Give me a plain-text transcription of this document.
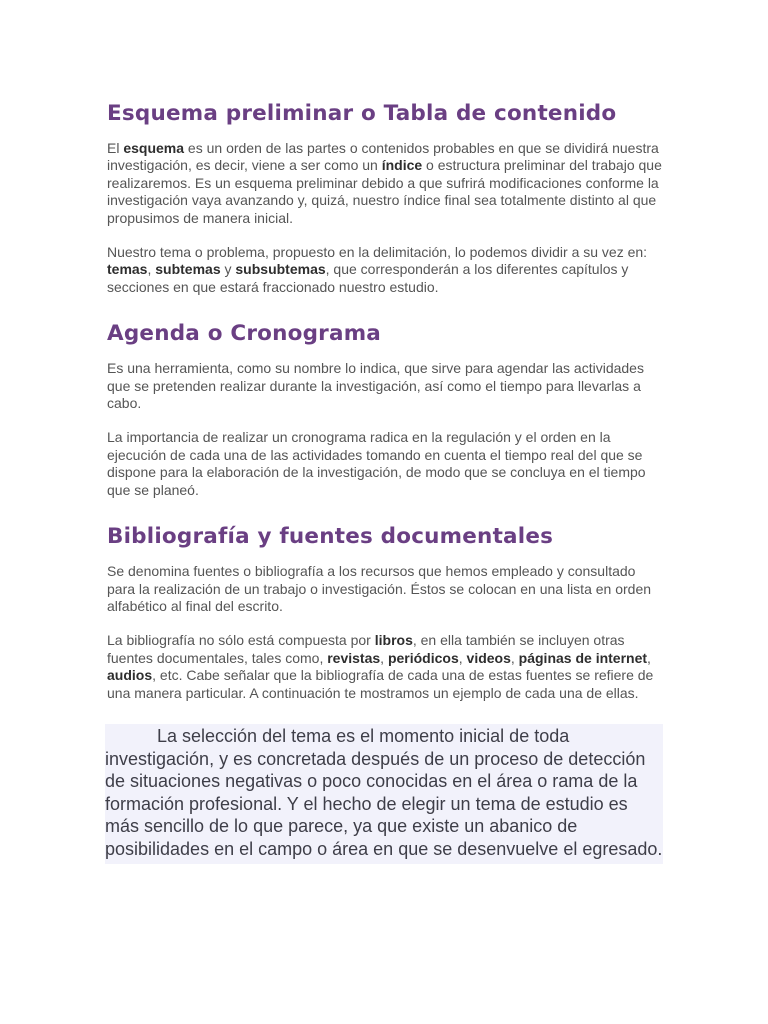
Esquema preliminar o Tabla de contenido

El esquema es un orden de las partes o contenidos probables en que se dividirá nuestra investigación, es decir, viene a ser como un índice o estructura preliminar del trabajo que realizaremos. Es un esquema preliminar debido a que sufrirá modificaciones conforme la investigación vaya avanzando y, quizá, nuestro índice final sea totalmente distinto al que propusimos de manera inicial.

Nuestro tema o problema, propuesto en la delimitación, lo podemos dividir a su vez en: temas, subtemas y subsubtemas, que corresponderán a los diferentes capítulos y secciones en que estará fraccionado nuestro estudio.

Agenda o Cronograma

Es una herramienta, como su nombre lo indica, que sirve para agendar las actividades que se pretenden realizar durante la investigación, así como el tiempo para llevarlas a cabo.

La importancia de realizar un cronograma radica en la regulación y el orden en la ejecución de cada una de las actividades tomando en cuenta el tiempo real del que se dispone para la elaboración de la investigación, de modo que se concluya en el tiempo que se planeó.

Bibliografía y fuentes documentales

Se denomina fuentes o bibliografía a los recursos que hemos empleado y consultado para la realización de un trabajo o investigación. Éstos se colocan en una lista en orden alfabético al final del escrito.

La bibliografía no sólo está compuesta por libros, en ella también se incluyen otras fuentes documentales, tales como, revistas, periódicos, videos, páginas de internet, audios, etc. Cabe señalar que la bibliografía de cada una de estas fuentes se refiere de una manera particular. A continuación te mostramos un ejemplo de cada una de ellas.

La selección del tema es el momento inicial de toda investigación, y es concretada después de un proceso de detección de situaciones negativas o poco conocidas en el área o rama de la formación profesional. Y el hecho de elegir un tema de estudio es más sencillo de lo que parece, ya que existe un abanico de posibilidades en el campo o área en que se desenvuelve el egresado.
